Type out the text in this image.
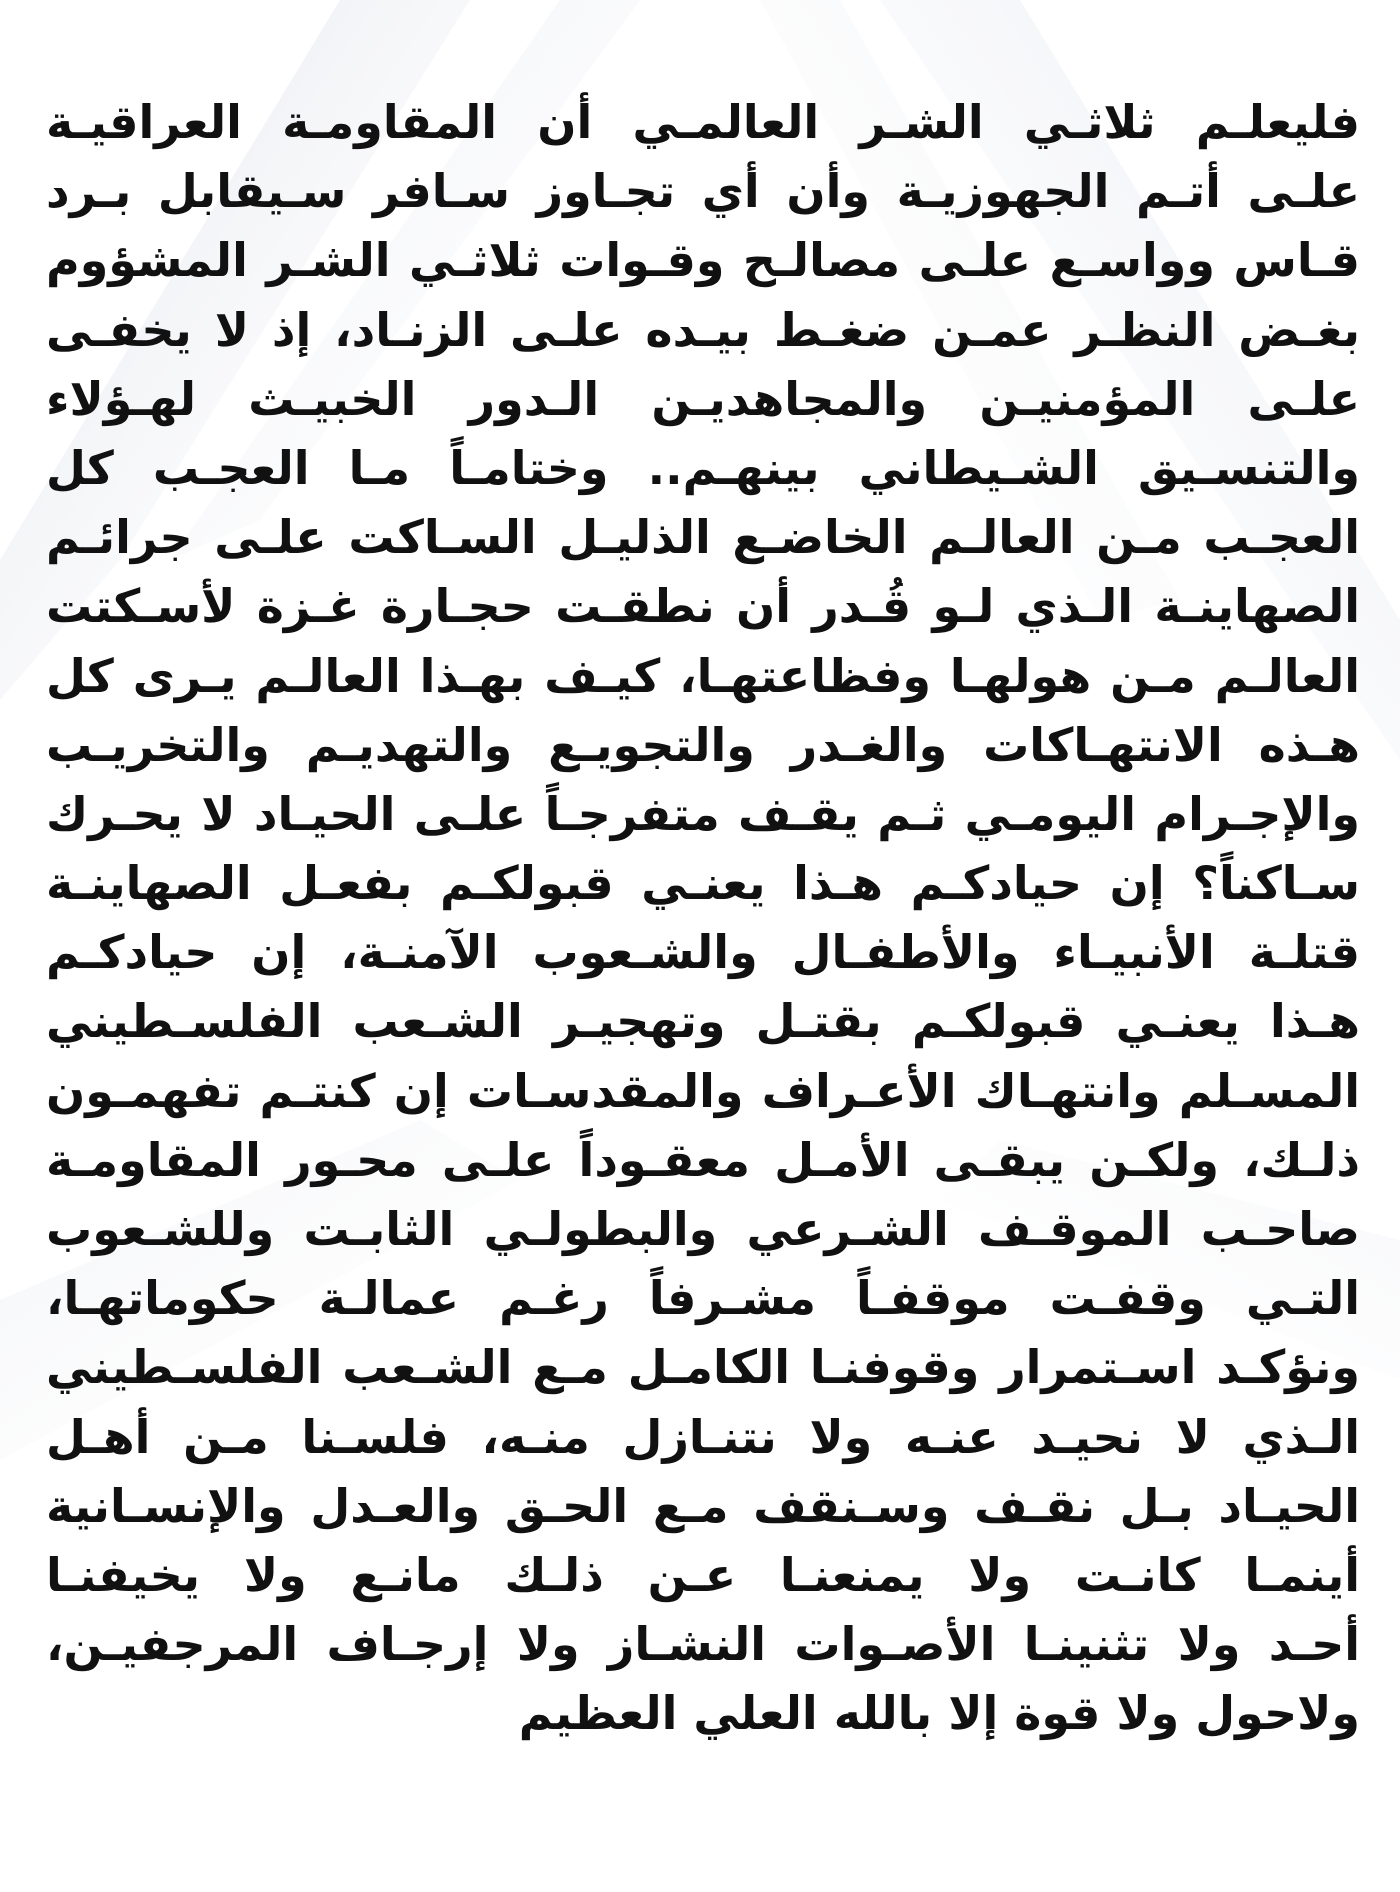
فليعلـم ثلاثـي الشـر العالمـي أن المقاومـة العراقيـة
علـى أتـم الجهوزيـة وأن أي تجـاوز سـافر سـيقابل بـرد
قـاس وواسـع علـى مصالـح وقـوات ثلاثـي الشـر المشؤوم
بغـض النظـر عمـن ضغـط بيـده علـى الزنـاد، إذ لا يخفـى
علـى المؤمنيـن والمجاهديـن الـدور الخبيـث لهـؤلاء
والتنسـيق الشـيطاني بينهـم.. وختامـاً مـا العجـب كل
العجـب مـن العالـم الخاضـع الذليـل السـاكت علـى جرائـم
الصهاينـة الـذي لـو قُـدر أن نطقـت حجـارة غـزة لأسـكتت
العالـم مـن هولهـا وفظاعتهـا، كيـف بهـذا العالـم يـرى كل
هـذه الانتهـاكات والغـدر والتجويـع والتهديـم والتخريـب
والإجـرام اليومـي ثـم يقـف متفرجـاً علـى الحيـاد لا يحـرك
سـاكناً؟ إن حيادكـم هـذا يعنـي قبولكـم بفعـل الصهاينـة
قتلـة الأنبيـاء والأطفـال والشـعوب الآمنـة، إن حيادكـم
هـذا يعنـي قبولكـم بقتـل وتهجيـر الشـعب الفلسـطيني
المسـلم وانتهـاك الأعـراف والمقدسـات إن كنتـم تفهمـون
ذلـك، ولكـن يبقـى الأمـل معقـوداً علـى محـور المقاومـة
صاحـب الموقـف الشـرعي والبطولـي الثابـت وللشـعوب
التـي وقفـت موقفـاً مشـرفاً رغـم عمالـة حكوماتهـا،
ونؤكـد اسـتمرار وقوفنـا الكامـل مـع الشـعب الفلسـطيني
الـذي لا نحيـد عنـه ولا نتنـازل منـه، فلسـنا مـن أهـل
الحيـاد بـل نقـف وسـنقف مـع الحـق والعـدل والإنسـانية
أينمـا كانـت ولا يمنعنـا عـن ذلـك مانـع ولا يخيفنـا
أحـد ولا تثنينـا الأصـوات النشـاز ولا إرجـاف المرجفيـن،
ولاحول ولا قوة إلا بالله العلي العظيم
